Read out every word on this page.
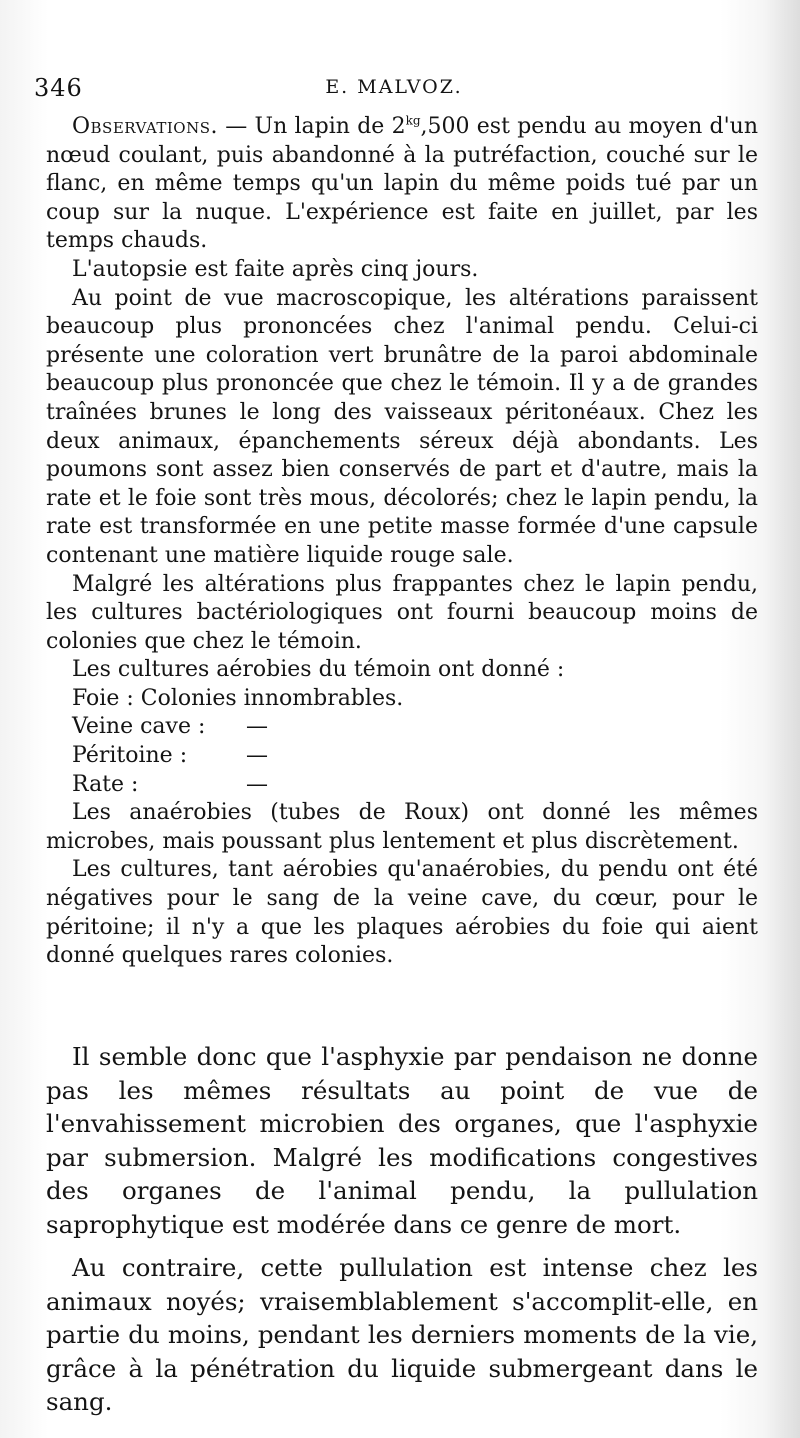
346	E. MALVOZ.

Observations. — Un lapin de $2^{kg},500$ est pendu au moyen d'un nœud coulant, puis abandonné à la putréfaction, couché sur le flanc, en même temps qu'un lapin du même poids tué par un coup sur la nuque. L'expérience est faite en juillet, par les temps chauds.

L'autopsie est faite après cinq jours.

Au point de vue macroscopique, les altérations paraissent beaucoup plus prononcées chez l'animal pendu. Celui-ci présente une coloration vert brunâtre de la paroi abdominale beaucoup plus prononcée que chez le témoin. Il y a de grandes traînées brunes le long des vaisseaux péritonéaux. Chez les deux animaux, épanchements séreux déjà abondants. Les poumons sont assez bien conservés de part et d'autre, mais la rate et le foie sont très mous, décolorés; chez le lapin pendu, la rate est transformée en une petite masse formée d'une capsule contenant une matière liquide rouge sale.

Malgré les altérations plus frappantes chez le lapin pendu, les cultures bactériologiques ont fourni beaucoup moins de colonies que chez le témoin.

Les cultures aérobies du témoin ont donné :

Foie : Colonies innombrables.

Veine cave : —
Péritoine :	—
Rate :	—

Les anaérobies (tubes de Roux) ont donné les mêmes microbes, mais poussant plus lentement et plus discrètement.

Les cultures, tant aérobies qu'anaérobies, du pendu ont été négatives pour le sang de la veine cave, du cœur, pour le péritoine; il n'y a que les plaques aérobies du foie qui aient donné quelques rares colonies.

Il semble donc que l'asphyxie par pendaison ne donne pas les mêmes résultats au point de vue de l'envahissement microbien des organes, que l'asphyxie par submersion. Malgré les modifications congestives des organes de l'animal pendu, la pullulation saprophytique est modérée dans ce genre de mort.

Au contraire, cette pullulation est intense chez les animaux noyés; vraisemblablement s'accomplit-elle, en partie du moins, pendant les derniers moments de la vie, grâce à la pénétration du liquide submergeant dans le sang.
